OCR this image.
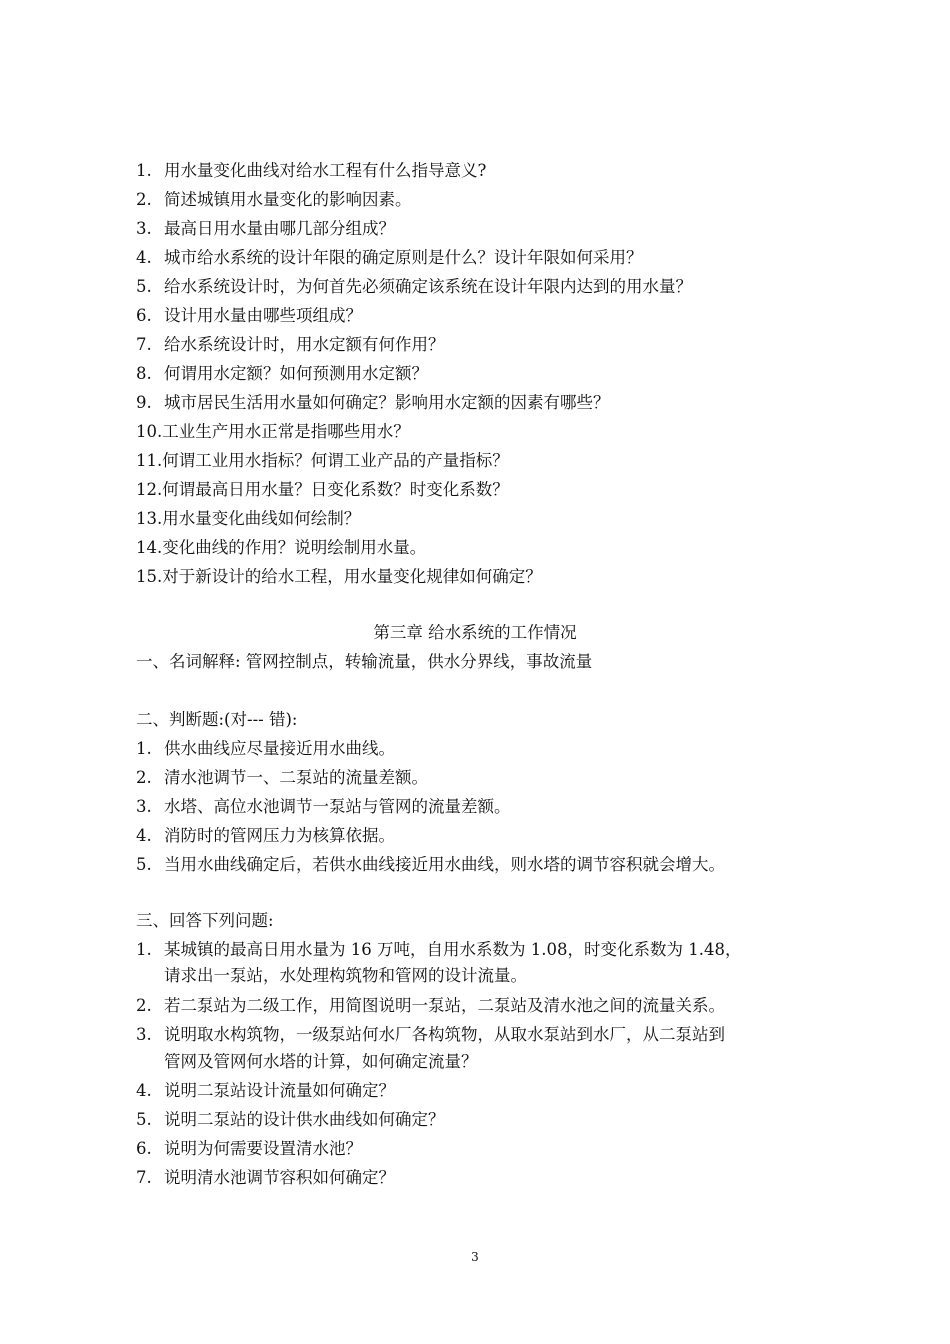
1. 用水量变化曲线对给水工程有什么指导意义?
2. 简述城镇用水量变化的影响因素。
3. 最高日用水量由哪几部分组成？
4. 城市给水系统的设计年限的确定原则是什么？设计年限如何采用？
5. 给水系统设计时，为何首先必须确定该系统在设计年限内达到的用水量？
6. 设计用水量由哪些项组成？
7. 给水系统设计时，用水定额有何作用？
8. 何谓用水定额？如何预测用水定额？
9. 城市居民生活用水量如何确定？影响用水定额的因素有哪些？
10.工业生产用水正常是指哪些用水？
11.何谓工业用水指标？何谓工业产品的产量指标？
12.何谓最高日用水量？日变化系数？时变化系数？
13.用水量变化曲线如何绘制？
14.变化曲线的作用？说明绘制用水量。
15.对于新设计的给水工程，用水量变化规律如何确定？
第三章 给水系统的工作情况
一、名词解释: 管网控制点，转输流量，供水分界线，事故流量
二、判断题:(对--- 错):
1. 供水曲线应尽量接近用水曲线。
2. 清水池调节一、二泵站的流量差额。
3. 水塔、高位水池调节一泵站与管网的流量差额。
4. 消防时的管网压力为核算依据。
5. 当用水曲线确定后，若供水曲线接近用水曲线，则水塔的调节容积就会增大。
三、回答下列问题:
1. 某城镇的最高日用水量为 16 万吨，自用水系数为 1.08，时变化系数为 1.48，
请求出一泵站，水处理构筑物和管网的设计流量。
2. 若二泵站为二级工作，用简图说明一泵站，二泵站及清水池之间的流量关系。
3. 说明取水构筑物，一级泵站何水厂各构筑物，从取水泵站到水厂，从二泵站到
管网及管网何水塔的计算，如何确定流量？
4. 说明二泵站设计流量如何确定？
5. 说明二泵站的设计供水曲线如何确定？
6. 说明为何需要设置清水池？
7. 说明清水池调节容积如何确定？
3
